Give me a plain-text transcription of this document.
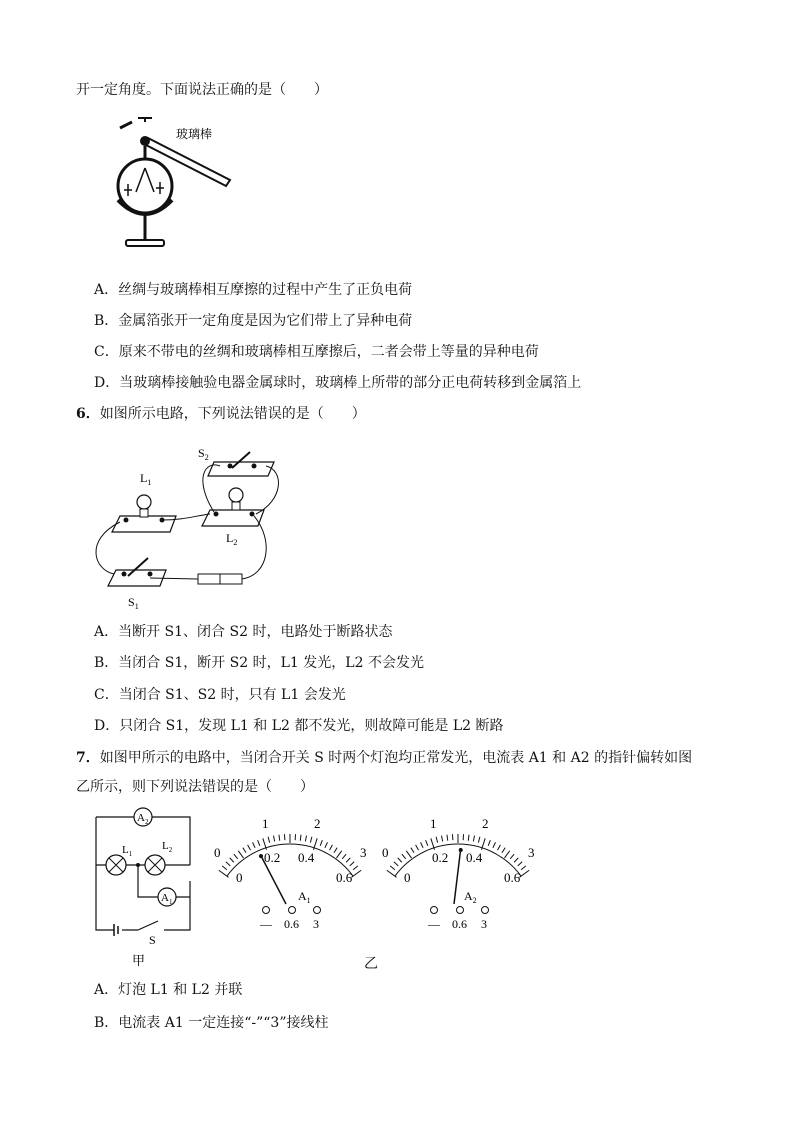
开一定角度。下面说法正确的是（　　）
玻璃棒
A．丝绸与玻璃棒相互摩擦的过程中产生了正负电荷
B．金属箔张开一定角度是因为它们带上了异种电荷
C．原来不带电的丝绸和玻璃棒相互摩擦后，二者会带上等量的异种电荷
D．当玻璃棒接触验电器金属球时，玻璃棒上所带的部分正电荷转移到金属箔上
6．如图所示电路，下列说法错误的是（　　）
$S_2$
$L_1$
$L_2$
$S_1$
A．当断开 S1、闭合 S2 时，电路处于断路状态
B．当闭合 S1，断开 S2 时，L1 发光，L2 不会发光
C．当闭合 S1、S2 时，只有 L1 会发光
D．只闭合 S1，发现 L1 和 L2 都不发光，则故障可能是 L2 断路
7．如图甲所示的电路中，当闭合开关 S 时两个灯泡均正常发光，电流表 A1 和 A2 的指针偏转如图
乙所示，则下列说法错误的是（　　）
$A_2$
S
$L_1$
$L_2$
$A_1$
甲
0
1	2
3
0
0.2 0.4
0.6
$A_1$
— 0.6 3
0
1	2
3
0
0.2 0.4
0.6
$A_2$
— 0.6 3
乙
A．灯泡 L1 和 L2 并联
B．电流表 A1 一定连接“-”“3”接线柱
